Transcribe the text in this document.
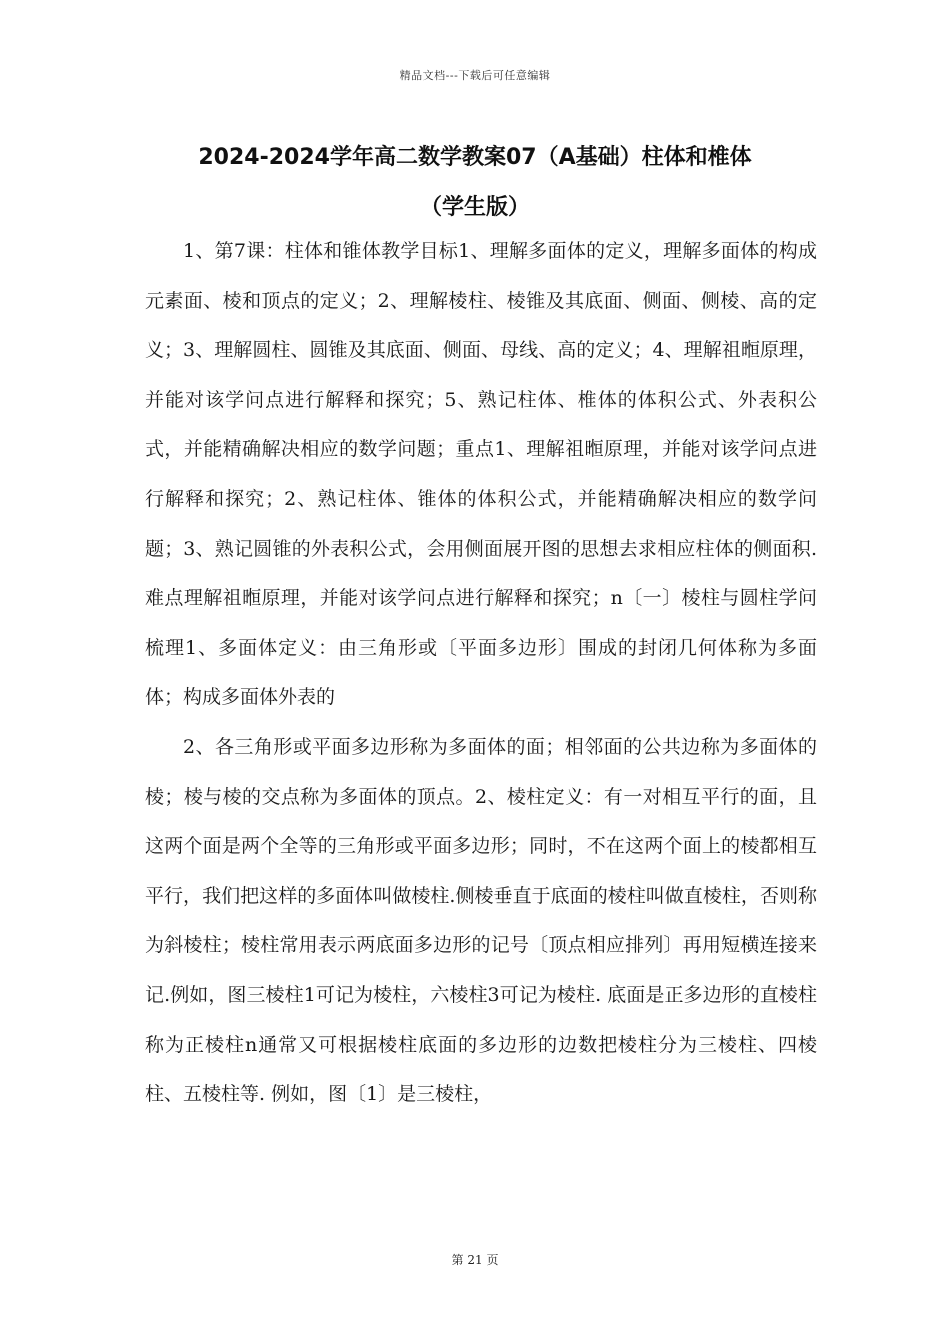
精品文档---下载后可任意编辑
2024-2024学年高二数学教案07（A基础）柱体和椎体
（学生版）

1、第7课：柱体和锥体教学目标1、理解多面体的定义，理解多面体的构成元素面、棱和顶点的定义；2、理解棱柱、棱锥及其底面、侧面、侧棱、高的定义；3、理解圆柱、圆锥及其底面、侧面、母线、高的定义；4、理解祖暅原理，并能对该学问点进行解释和探究；5、熟记柱体、椎体的体积公式、外表积公式，并能精确解决相应的数学问题；重点1、理解祖暅原理，并能对该学问点进行解释和探究；2、熟记柱体、锥体的体积公式，并能精确解决相应的数学问题；3、熟记圆锥的外表积公式，会用侧面展开图的思想去求相应柱体的侧面积.难点理解祖暅原理，并能对该学问点进行解释和探究；n〔一〕棱柱与圆柱学问梳理1、多面体定义：由三角形或〔平面多边形〕围成的封闭几何体称为多面体；构成多面体外表的

2、各三角形或平面多边形称为多面体的面；相邻面的公共边称为多面体的棱；棱与棱的交点称为多面体的顶点。2、棱柱定义：有一对相互平行的面，且这两个面是两个全等的三角形或平面多边形；同时，不在这两个面上的棱都相互平行，我们把这样的多面体叫做棱柱.侧棱垂直于底面的棱柱叫做直棱柱，否则称为斜棱柱；棱柱常用表示两底面多边形的记号〔顶点相应排列〕再用短横连接来记.例如，图三棱柱1可记为棱柱，六棱柱3可记为棱柱. 底面是正多边形的直棱柱称为正棱柱n通常又可根据棱柱底面的多边形的边数把棱柱分为三棱柱、四棱柱、五棱柱等. 例如，图〔1〕是三棱柱，

第 21 页
